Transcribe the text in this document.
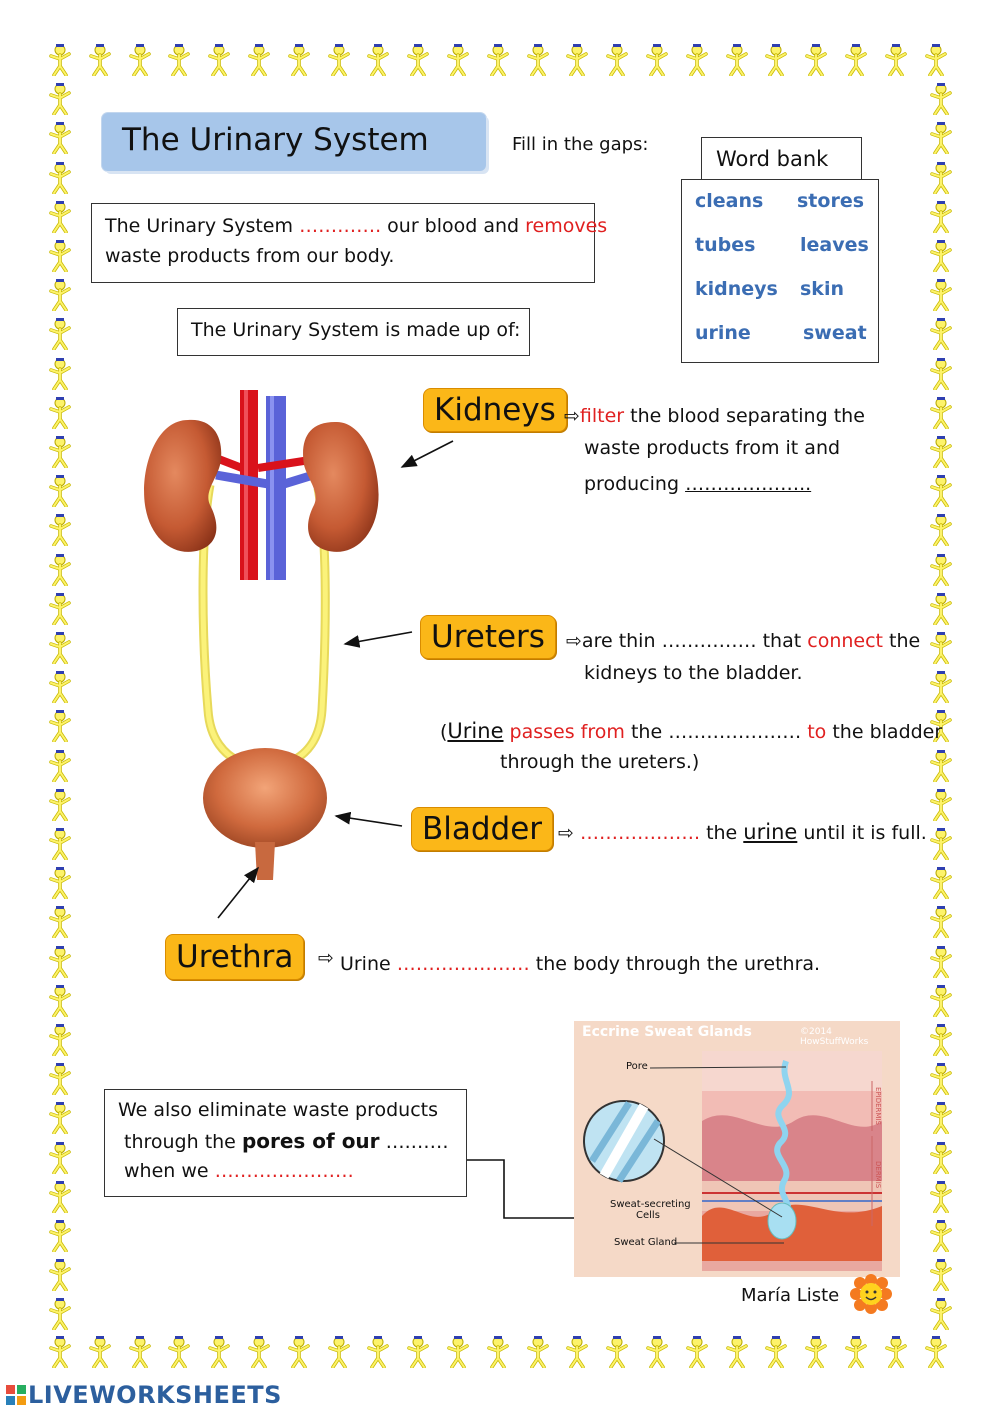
The Urinary System	Fill in the gaps:
Word bank
cleans stores
tubes leaves
kidneys skin
urine	sweat
The Urinary System …………. our blood and removes
waste products from our body.
The Urinary System is made up of:
Kidneys ⇨filter the blood separating the
waste products from it and
producing ………………..
Ureters	⇨are thin …………… that connect the
kidneys to the bladder.
(Urine passes from the ………………… to the bladder
through the ureters.)
Bladder ⇨ ………………. the urine until it is full.
Urethra	⇨ Urine ………………… the body through the urethra.
We also eliminate waste products
through the pores of our ….……
when we ………………….
Eccrine Sweat Glands	©2014 HowStuffWorks
Pore
Sweat-secreting
Cells
Sweat Gland
EPIDERMIS
DERMIS
María Liste
LIVEWORKSHEETS
